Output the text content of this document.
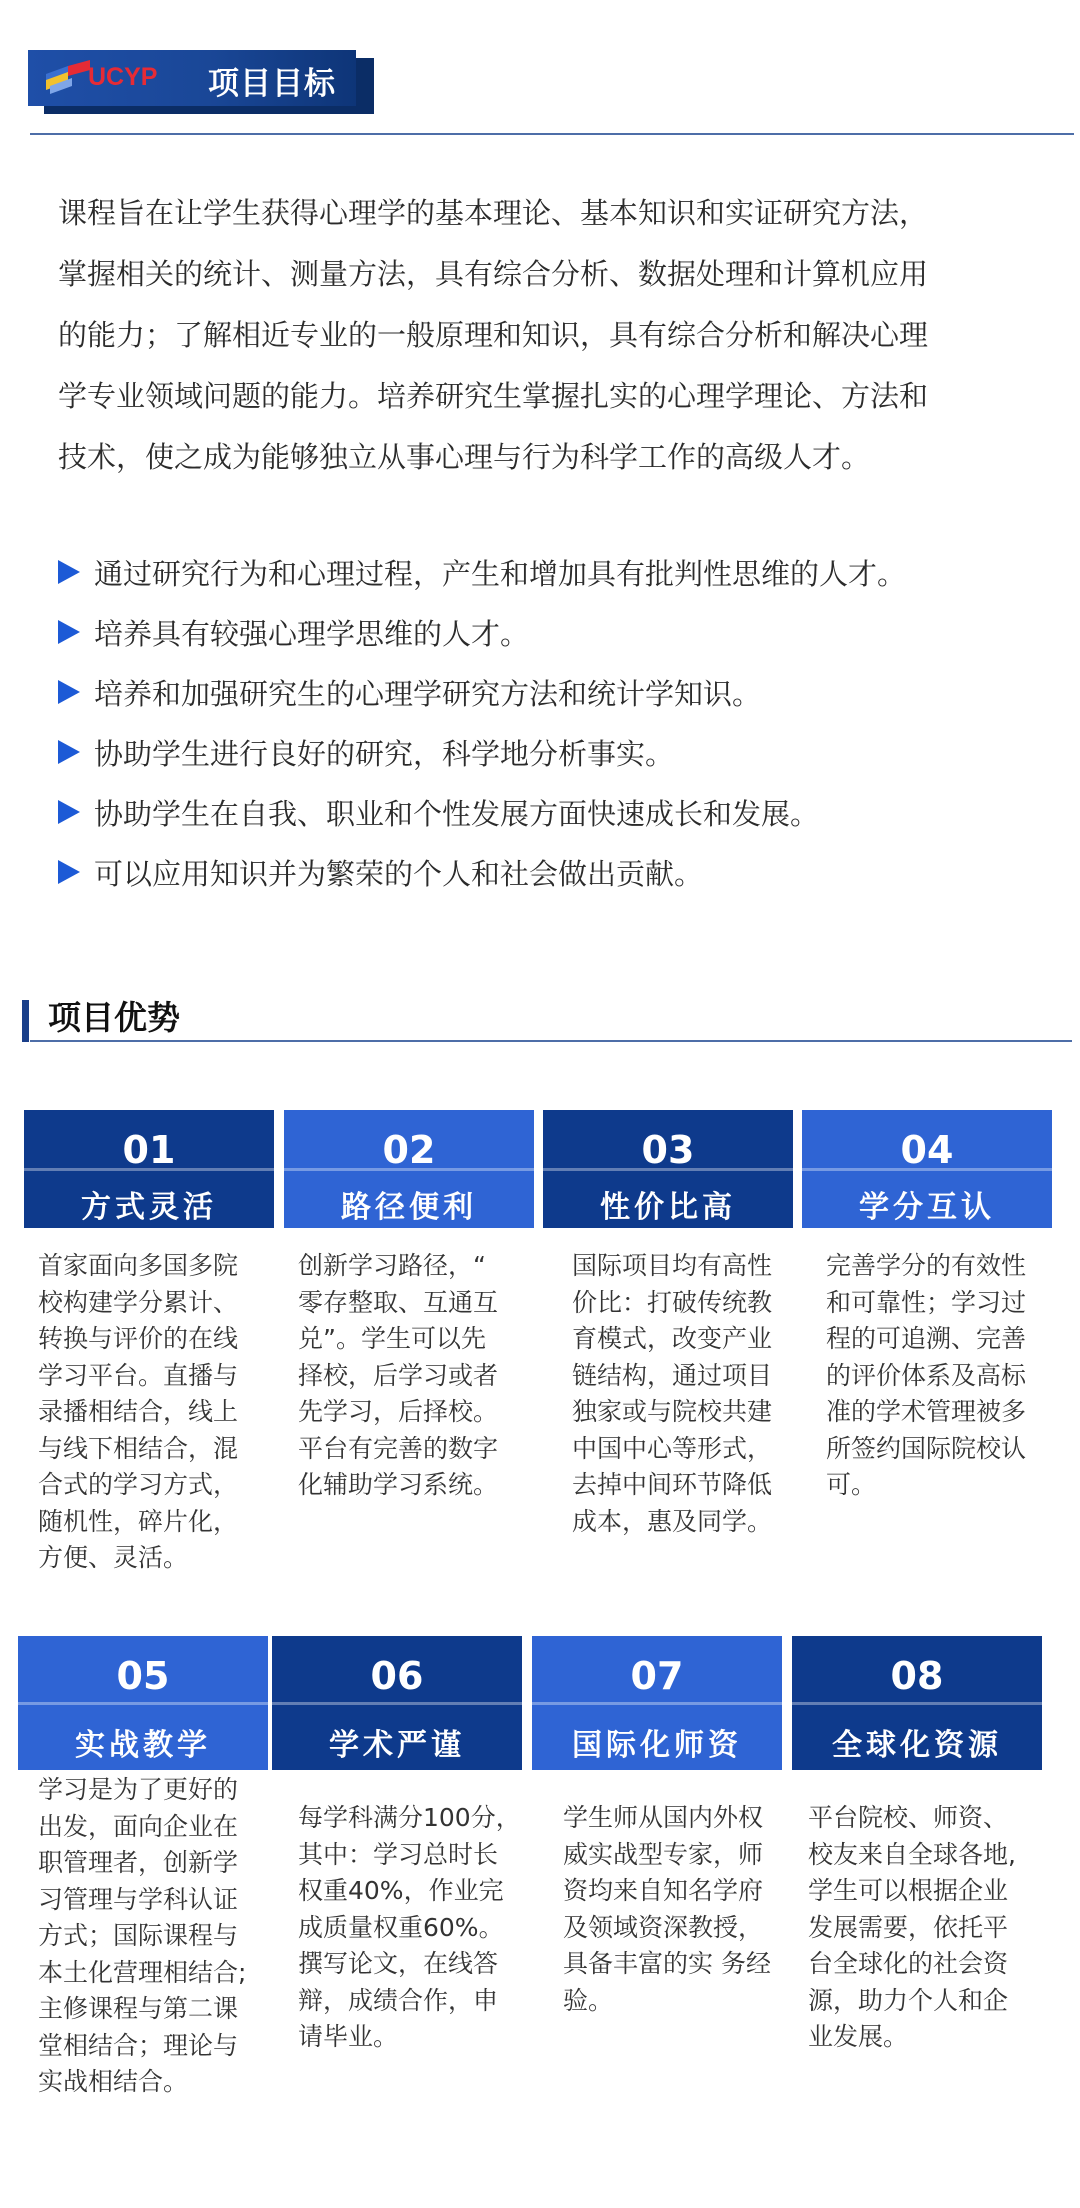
UCYP 项目目标

课程旨在让学生获得心理学的基本理论、基本知识和实证研究方法，
掌握相关的统计、测量方法，具有综合分析、数据处理和计算机应用
的能力；了解相近专业的一般原理和知识，具有综合分析和解决心理
学专业领域问题的能力。培养研究生掌握扎实的心理学理论、方法和
技术，使之成为能够独立从事心理与行为科学工作的高级人才。

通过研究行为和心理过程，产生和增加具有批判性思维的人才。
培养具有较强心理学思维的人才。
培养和加强研究生的心理学研究方法和统计学知识。
协助学生进行良好的研究，科学地分析事实。
协助学生在自我、职业和个性发展方面快速成长和发展。
可以应用知识并为繁荣的个人和社会做出贡献。
项目优势
01
方式灵活

首家面向多国多院
校构建学分累计、
转换与评价的在线
学习平台。直播与
录播相结合，线上
与线下相结合，混
合式的学习方式，
随机性，碎片化，
方便、灵活。

02
路径便利

创新学习路径，“
零存整取、互通互
兑”。学生可以先
择校，后学习或者
先学习，后择校。
平台有完善的数字
化辅助学习系统。

03
性价比高

国际项目均有高性
价比：打破传统教
育模式，改变产业
链结构，通过项目
独家或与院校共建
中国中心等形式，
去掉中间环节降低
成本，惠及同学。

04
学分互认

完善学分的有效性
和可靠性；学习过
程的可追溯、完善
的评价体系及高标
准的学术管理被多
所签约国际院校认
可。

05
实战教学

学习是为了更好的
出发，面向企业在
职管理者，创新学
习管理与学科认证
方式；国际课程与
本土化营理相结合;
主修课程与第二课
堂相结合；理论与
实战相结合。

06
学术严谨

每学科满分100分，
其中：学习总时长
权重40%，作业完
成质量权重60%。
撰写论文，在线答
辩，成绩合作，申
请毕业。

07
国际化师资

学生师从国内外权
威实战型专家，师
资均来自知名学府
及领域资深教授，
具备丰富的实 务经
验。

08
全球化资源

平台院校、师资、
校友来自全球各地,
学生可以根据企业
发展需要，依托平
台全球化的社会资
源，助力个人和企
业发展。
